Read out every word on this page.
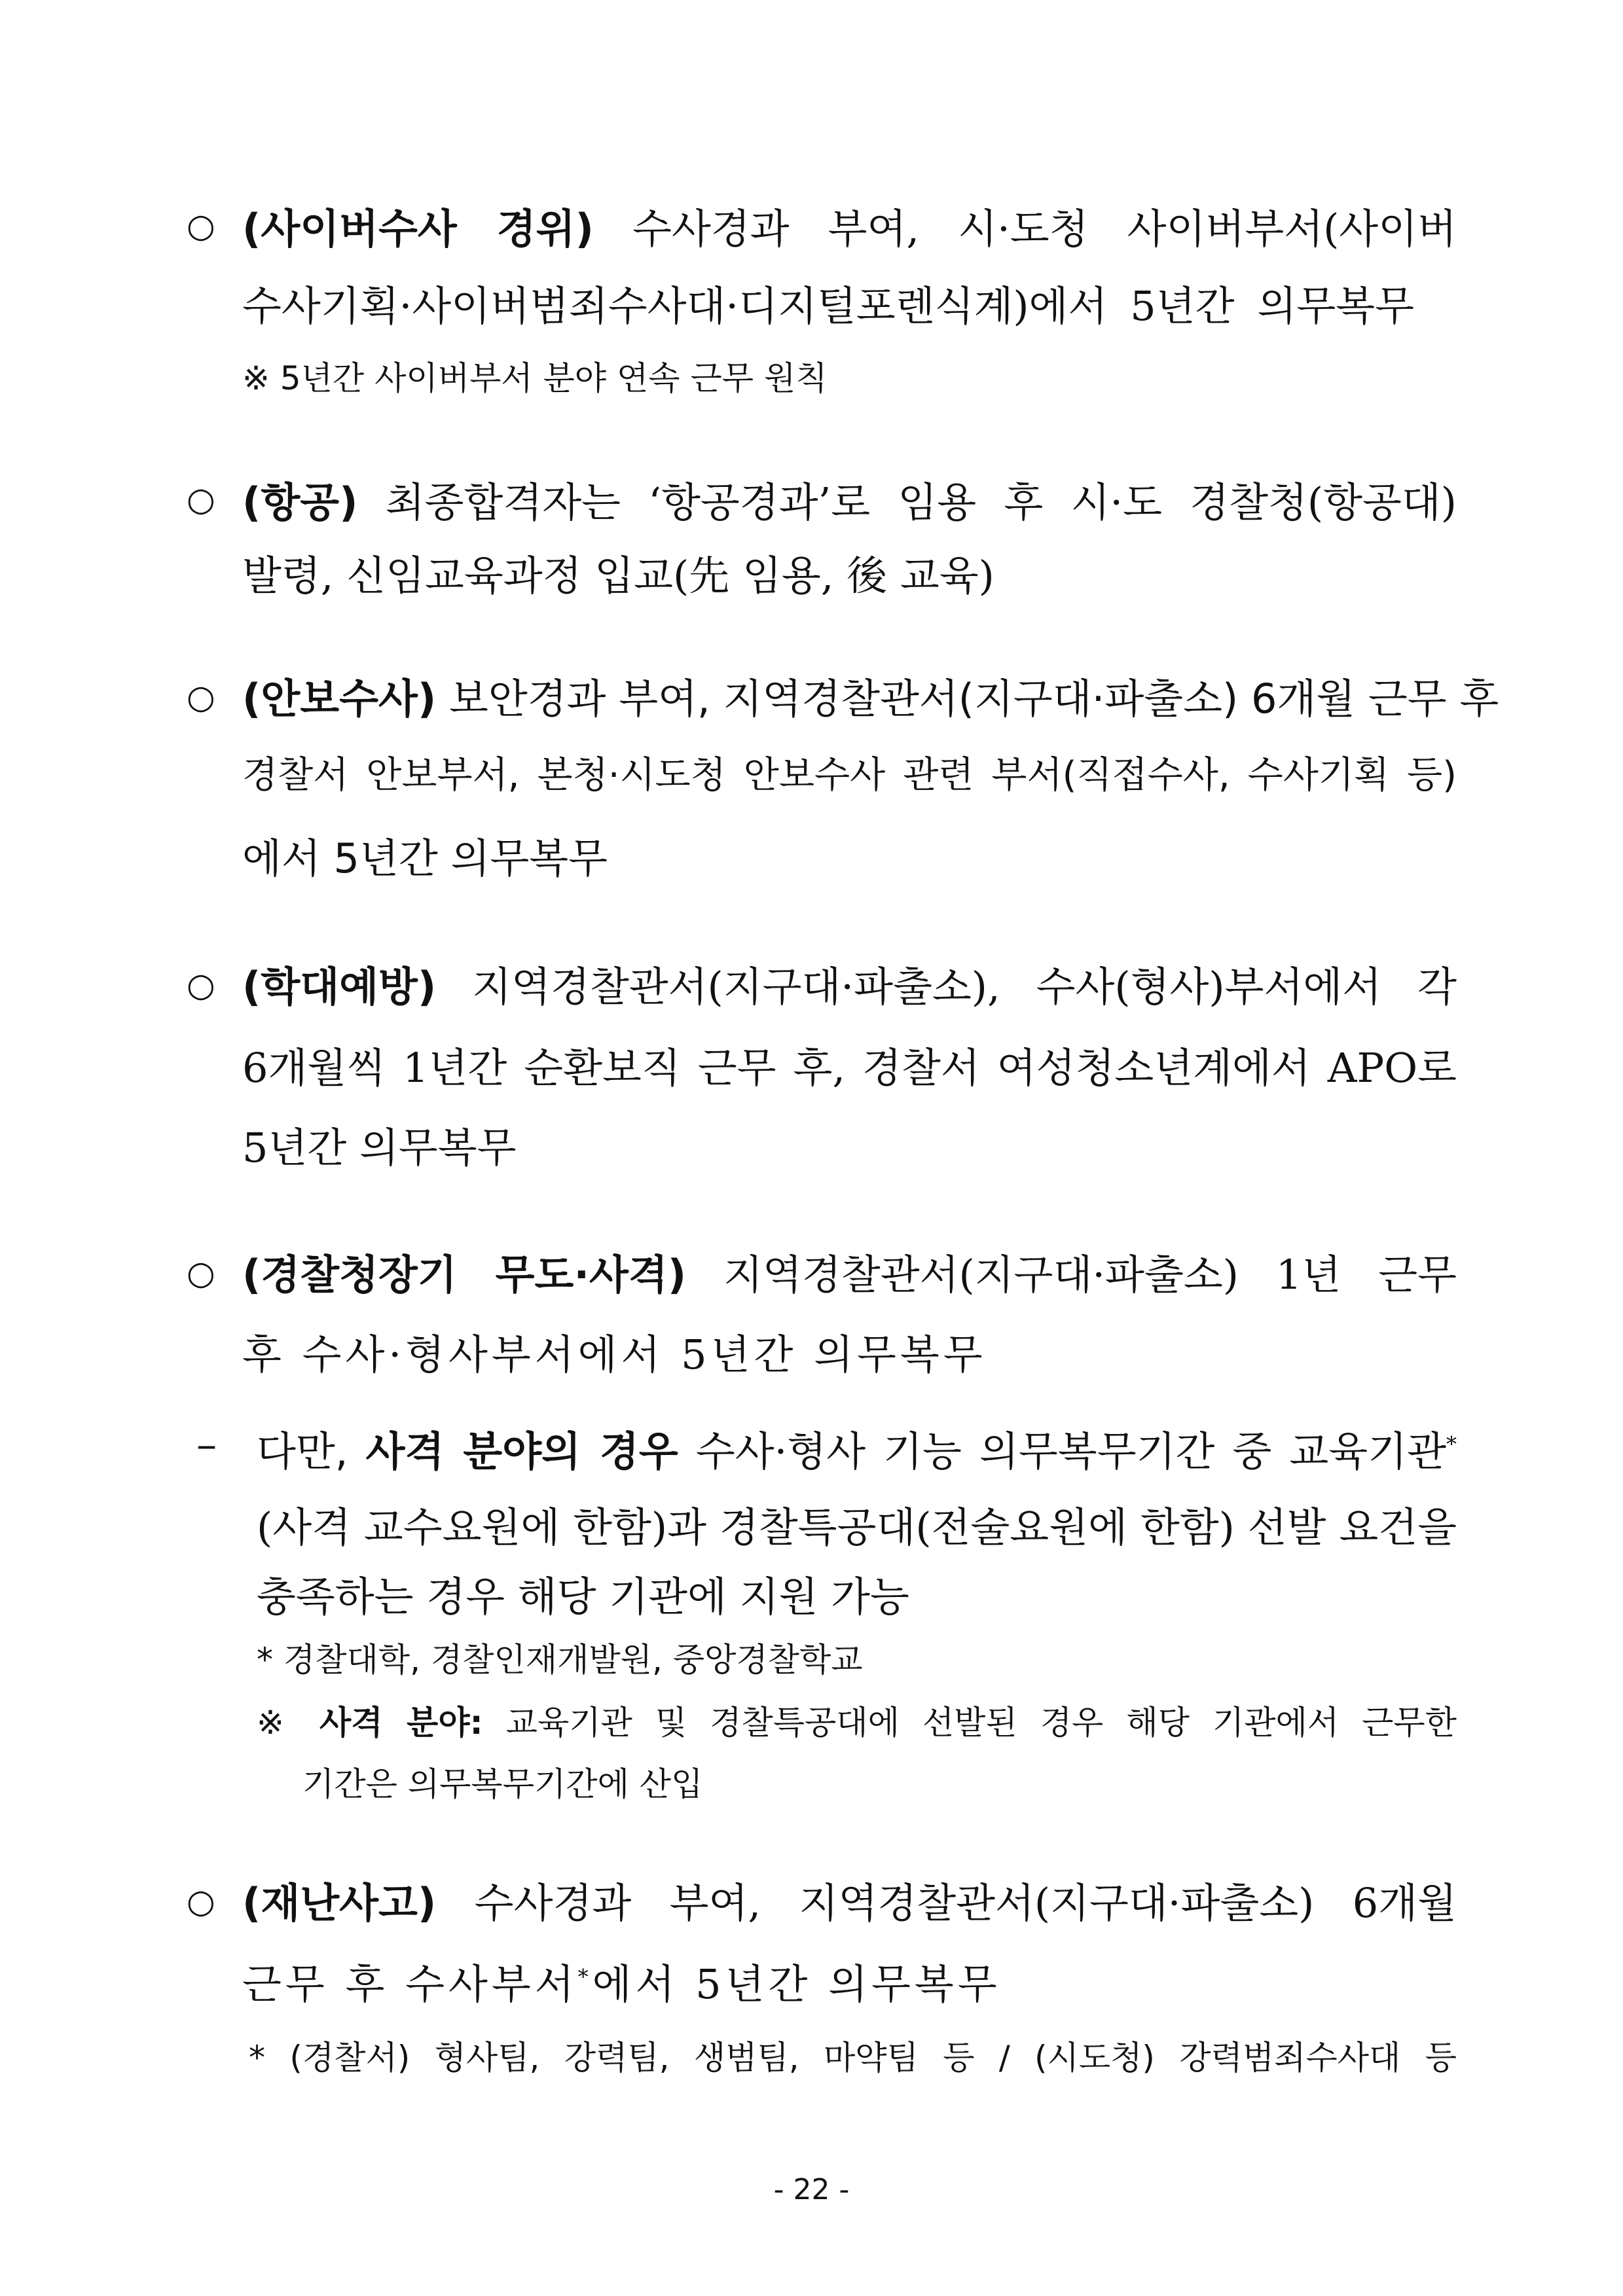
○ (사이버수사 경위) 수사경과 부여, 시·도청 사이버부서(사이버
수사기획·사이버범죄수사대·디지털포렌식계)에서 5년간 의무복무
※ 5년간 사이버부서 분야 연속 근무 원칙
○ (항공) 최종합격자는 ‘항공경과’로 임용 후 시·도 경찰청(항공대)
발령, 신임교육과정 입교(先 임용, 後 교육)
○ (안보수사) 보안경과 부여, 지역경찰관서(지구대·파출소) 6개월 근무 후
경찰서 안보부서, 본청·시도청 안보수사 관련 부서(직접수사, 수사기획 등)
에서 5년간 의무복무
○ (학대예방) 지역경찰관서(지구대·파출소), 수사(형사)부서에서 각
6개월씩 1년간 순환보직 근무 후, 경찰서 여성청소년계에서 APO로
5년간 의무복무
○ (경찰청장기 무도·사격) 지역경찰관서(지구대·파출소) 1년 근무
후 수사·형사부서에서 5년간 의무복무
– 다만, 사격 분야의 경우 수사·형사 기능 의무복무기간 중 교육기관*
(사격 교수요원에 한함)과 경찰특공대(전술요원에 한함) 선발 요건을
충족하는 경우 해당 기관에 지원 가능
* 경찰대학, 경찰인재개발원, 중앙경찰학교
※ 사격 분야: 교육기관 및 경찰특공대에 선발된 경우 해당 기관에서 근무한
기간은 의무복무기간에 산입
○ (재난사고) 수사경과 부여, 지역경찰관서(지구대·파출소) 6개월
근무 후 수사부서*에서 5년간 의무복무
* (경찰서) 형사팀, 강력팀, 생범팀, 마약팀 등 / (시도청) 강력범죄수사대 등
- 22 -
